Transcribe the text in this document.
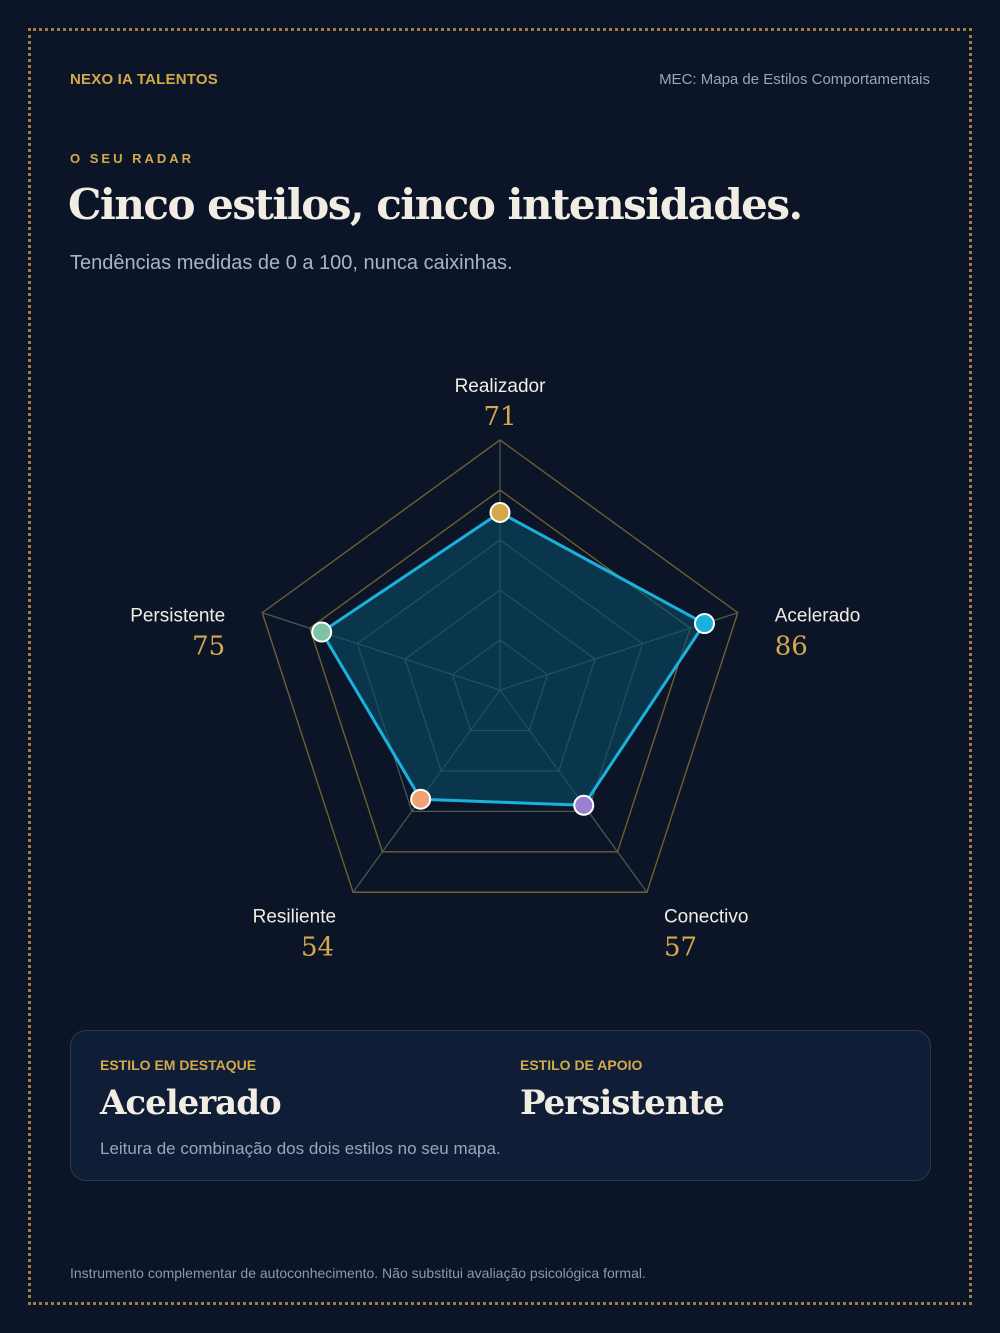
NEXO IA TALENTOS	MEC: Mapa de Estilos Comportamentais
O SEU RADAR
Cinco estilos, cinco intensidades.
Tendências medidas de 0 a 100, nunca caixinhas.
Realizador
71
Acelerado
86
Conectivo
57
Resiliente
54
Persistente
75
ESTILO EM DESTAQUE
Acelerado
ESTILO DE APOIO
Persistente
Leitura de combinação dos dois estilos no seu mapa.
Instrumento complementar de autoconhecimento. Não substitui avaliação psicológica formal.
